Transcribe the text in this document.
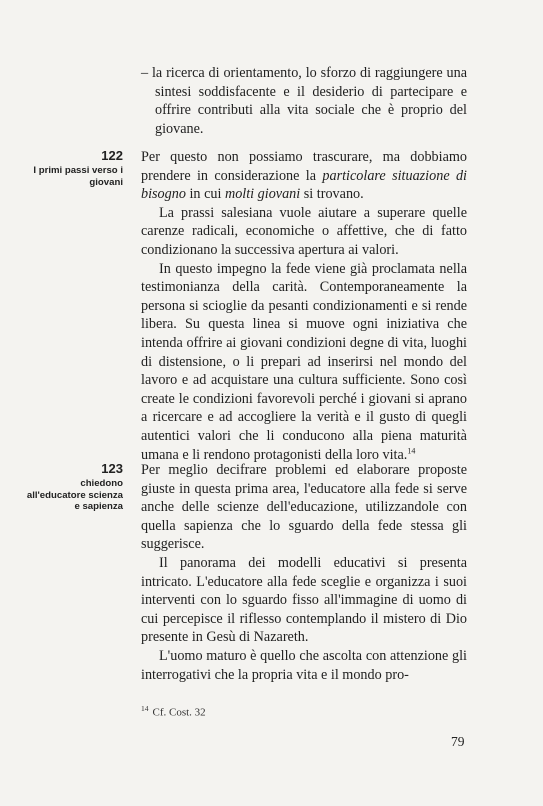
– la ricerca di orientamento, lo sforzo di raggiungere una sintesi soddisfacente e il desiderio di partecipare e offrire contributi alla vita sociale che è proprio del giovane.

122
I primi passi verso i giovani

Per questo non possiamo trascurare, ma dobbiamo prendere in considerazione la particolare situazione di bisogno in cui molti giovani si trovano.

La prassi salesiana vuole aiutare a superare quelle carenze radicali, economiche o affettive, che di fatto condizionano la successiva apertura ai valori.

In questo impegno la fede viene già proclamata nella testimonianza della carità. Contemporaneamente la persona si scioglie da pesanti condizionamenti e si rende libera. Su questa linea si muove ogni iniziativa che intenda offrire ai giovani condizioni degne di vita, luoghi di distensione, o li prepari ad inserirsi nel mondo del lavoro e ad acquistare una cultura sufficiente. Sono così create le condizioni favorevoli perché i giovani si aprano a ricercare e ad accogliere la verità e il gusto di quegli autentici valori che li conducono alla piena maturità umana e li rendono protagonisti della loro vita.$^{14}$

123
chiedono all'educatore scienza e sapienza

Per meglio decifrare problemi ed elaborare proposte giuste in questa prima area, l'educatore alla fede si serve anche delle scienze dell'educazione, utilizzandole con quella sapienza che lo sguardo della fede stessa gli suggerisce.

Il panorama dei modelli educativi si presenta intricato. L'educatore alla fede sceglie e organizza i suoi interventi con lo sguardo fisso all'immagine di uomo di cui percepisce il riflesso contemplando il mistero di Dio presente in Gesù di Nazareth.

L'uomo maturo è quello che ascolta con attenzione gli interrogativi che la propria vita e il mondo pro-

$^{14}$ Cf. Cost. 32
79
